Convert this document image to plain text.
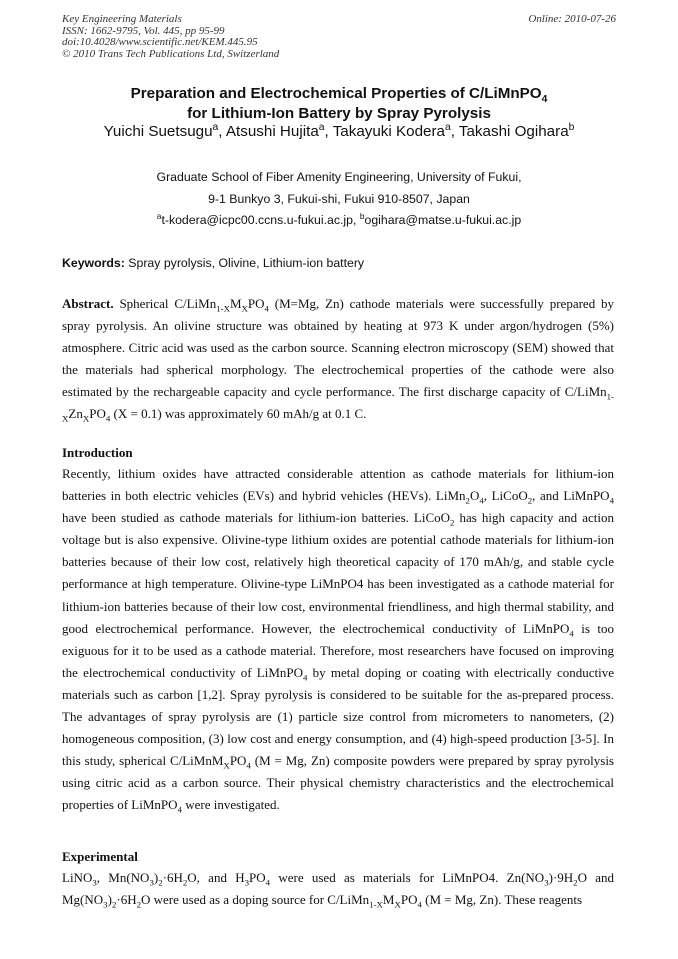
Key Engineering Materials
ISSN: 1662-9795, Vol. 445, pp 95-99
doi:10.4028/www.scientific.net/KEM.445.95
© 2010 Trans Tech Publications Ltd, Switzerland
Online: 2010-07-26
Preparation and Electrochemical Properties of C/LiMnPO$_4$
for Lithium-Ion Battery by Spray Pyrolysis
Yuichi Suetsugu$^a$, Atsushi Hujita$^a$, Takayuki Kodera$^a$, Takashi Ogihara$^b$
Graduate School of Fiber Amenity Engineering, University of Fukui,
9-1 Bunkyo 3, Fukui-shi, Fukui 910-8507, Japan
$^a$t-kodera@icpc00.ccns.u-fukui.ac.jp, $^b$ogihara@matse.u-fukui.ac.jp
Keywords: Spray pyrolysis, Olivine, Lithium-ion battery
Abstract. Spherical $C/LiMn_{1-X}M_XPO_4$ (M=Mg, Zn) cathode materials were successfully prepared by spray pyrolysis. An olivine structure was obtained by heating at 973 K under argon/hydrogen (5%) atmosphere. Citric acid was used as the carbon source. Scanning electron microscopy (SEM) showed that the materials had spherical morphology. The electrochemical properties of the cathode were also estimated by the rechargeable capacity and cycle performance. The first discharge capacity of $C/LiMn_{1-X}Zn_XPO_4$ (X = 0.1) was approximately 60 mAh/g at 0.1 C.
Introduction
Recently, lithium oxides have attracted considerable attention as cathode materials for lithium-ion batteries in both electric vehicles (EVs) and hybrid vehicles (HEVs). $LiMn_2O_4$, LiCoO$_2$, and LiMnPO$_4$ have been studied as cathode materials for lithium-ion batteries. LiCoO$_2$ has high capacity and action voltage but is also expensive. Olivine-type lithium oxides are potential cathode materials for lithium-ion batteries because of their low cost, relatively high theoretical capacity of 170 mAh/g, and stable cycle performance at high temperature. Olivine-type LiMnPO4 has been investigated as a cathode material for lithium-ion batteries because of their low cost, environmental friendliness, and high thermal stability, and good electrochemical performance. However, the electrochemical conductivity of LiMnPO$_4$ is too exiguous for it to be used as a cathode material. Therefore, most researchers have focused on improving the electrochemical conductivity of LiMnPO$_4$ by metal doping or coating with electrically conductive materials such as carbon [1,2]. Spray pyrolysis is considered to be suitable for the as-prepared process. The advantages of spray pyrolysis are (1) particle size control from micrometers to nanometers, (2) homogeneous composition, (3) low cost and energy consumption, and (4) high-speed production [3-5]. In this study, spherical $C/LiMnM_XPO_4$ (M = Mg, Zn) composite powders were prepared by spray pyrolysis using citric acid as a carbon source. Their physical chemistry characteristics and the electrochemical properties of LiMnPO$_4$ were investigated.
Experimental
LiNO$_3$, $Mn(NO_3)_2\cdot 6H_2O$, and $H_3PO_4$ were used as materials for LiMnPO4. $Zn(NO_3)\cdot 9H_2O$ and $Mg(NO_3)_2\cdot 6H_2O$ were used as a doping source for $C/LiMn_{1-X}M_XPO_4$ (M = Mg, Zn). These reagents
